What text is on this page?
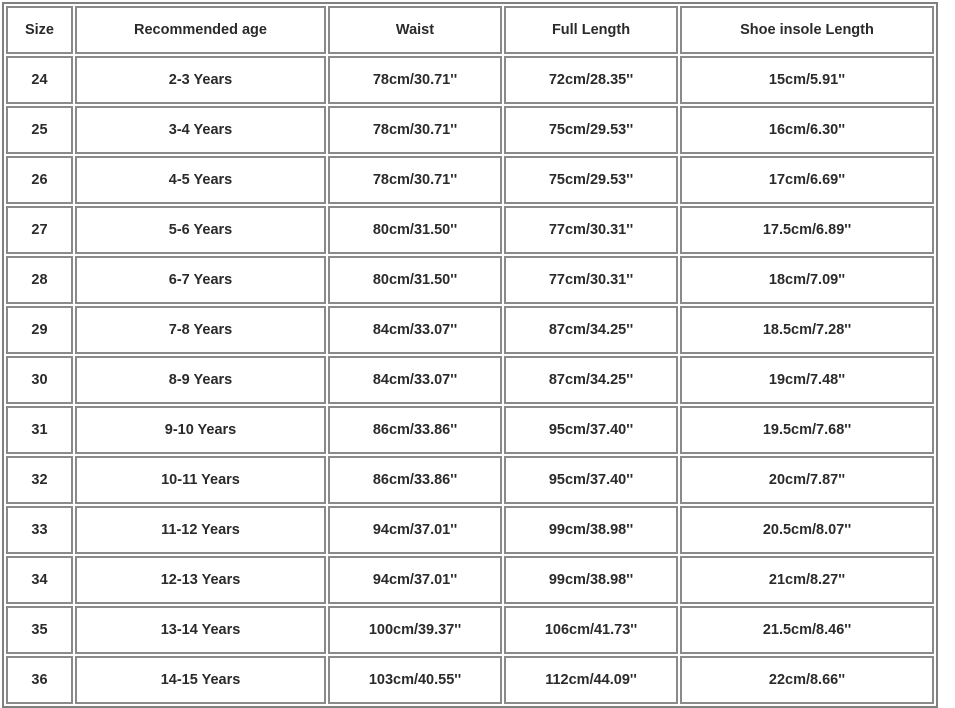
Size	Recommended age	Waist	Full Length	Shoe insole Length
24	2-3 Years	78cm/30.71''	72cm/28.35''	15cm/5.91''
25	3-4 Years	78cm/30.71''	75cm/29.53''	16cm/6.30''
26	4-5 Years	78cm/30.71''	75cm/29.53''	17cm/6.69''
27	5-6 Years	80cm/31.50''	77cm/30.31''	17.5cm/6.89''
28	6-7 Years	80cm/31.50''	77cm/30.31''	18cm/7.09''
29	7-8 Years	84cm/33.07''	87cm/34.25''	18.5cm/7.28''
30	8-9 Years	84cm/33.07''	87cm/34.25''	19cm/7.48''
31	9-10 Years	86cm/33.86''	95cm/37.40''	19.5cm/7.68''
32	10-11 Years	86cm/33.86''	95cm/37.40''	20cm/7.87''
33	11-12 Years	94cm/37.01''	99cm/38.98''	20.5cm/8.07''
34	12-13 Years	94cm/37.01''	99cm/38.98''	21cm/8.27''
35	13-14 Years	100cm/39.37''	106cm/41.73''	21.5cm/8.46''
36	14-15 Years	103cm/40.55''	112cm/44.09''	22cm/8.66''
